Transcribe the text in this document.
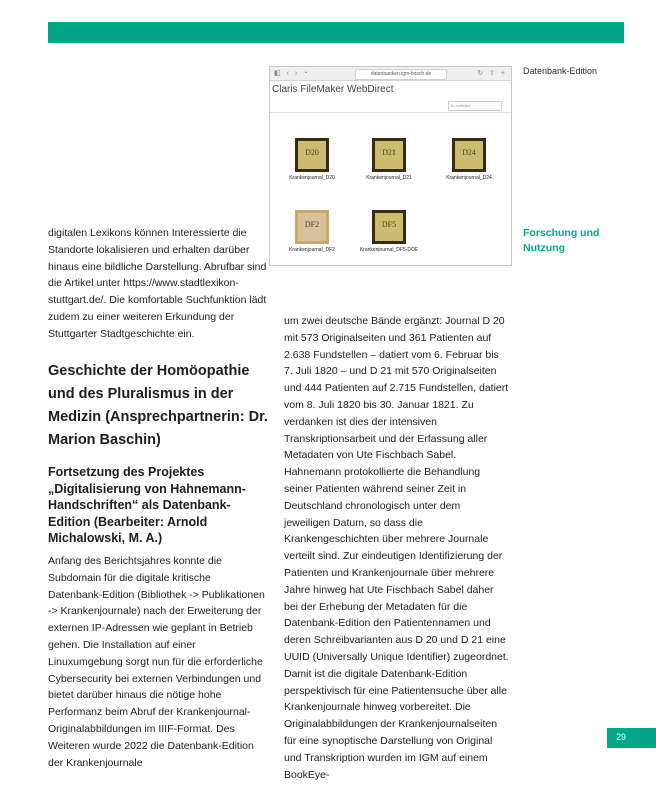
Datenbank-Edition
Forschung und Nutzung
◧ ‹ › ◔	datenbanken.igm-bosch.de	↻ ⇪ +
Claris FileMaker WebDirect
In auflisten
D20
Krankenjournal_D20
D21
Krankenjournal_D21
D24
Krankenjournal_D24
DF2
Krankenjournal_DF2
DF5
Krankenjournal_DF5-DOE

digitalen Lexikons können Interessierte die Standorte lokalisieren und erhalten darüber hinaus eine bildliche Darstellung. Abrufbar sind die Artikel unter https://www.stadtlexikon-stuttgart.de/. Die komfortable Suchfunktion lädt zudem zu einer weiteren Erkundung der Stuttgarter Stadtgeschichte ein.

Geschichte der Homöopathie und des Pluralismus in der Medizin (Ansprechpartnerin: Dr. Marion Baschin)
Fortsetzung des Projektes „Digitalisierung von Hahnemann-Handschriften“ als Datenbank-Edition (Bearbeiter: Arnold Michalowski, M. A.)

Anfang des Berichtsjahres konnte die Subdomain für die digitale kritische Datenbank-Edition (Bibliothek -> Publikationen -> Krankenjournale) nach der Erweiterung der externen IP-Adressen wie geplant in Betrieb gehen. Die Installation auf einer Linuxumgebung sorgt nun für die erforderliche Cybersecurity bei externen Verbindungen und bietet darüber hinaus die nötige hohe Performanz beim Abruf der Krankenjournal-Originalabbildungen im IIIF-Format. Des Weiteren wurde 2022 die Datenbank-Edition der Krankenjournale

um zwei deutsche Bände ergänzt: Journal D 20 mit 573 Originalseiten und 361 Patienten auf 2.638 Fundstellen – datiert vom 6. Februar bis 7. Juli 1820 – und D 21 mit 570 Originalseiten und 444 Patienten auf 2.715 Fundstellen, datiert vom 8. Juli 1820 bis 30. Januar 1821. Zu verdanken ist dies der intensiven Transkriptionsarbeit und der Erfassung aller Metadaten von Ute Fischbach Sabel. Hahnemann protokollierte die Behandlung seiner Patienten während seiner Zeit in Deutschland chronologisch unter dem jeweiligen Datum, so dass die Krankengeschichten über mehrere Journale verteilt sind. Zur eindeutigen Identifizierung der Patienten und Krankenjournale über mehrere Jahre hinweg hat Ute Fischbach Sabel daher bei der Erhebung der Metadaten für die Datenbank-Edition den Patientennamen und deren Schreibvarianten aus D 20 und D 21 eine UUID (Universally Unique Identifier) zugeordnet. Damit ist die digitale Datenbank-Edition perspektivisch für eine Patientensuche über alle Krankenjournale hinweg vorbereitet. Die Originalabbildungen der Krankenjournalseiten für eine synoptische Darstellung von Original und Transkription wurden im IGM auf einem BookEye-

29
